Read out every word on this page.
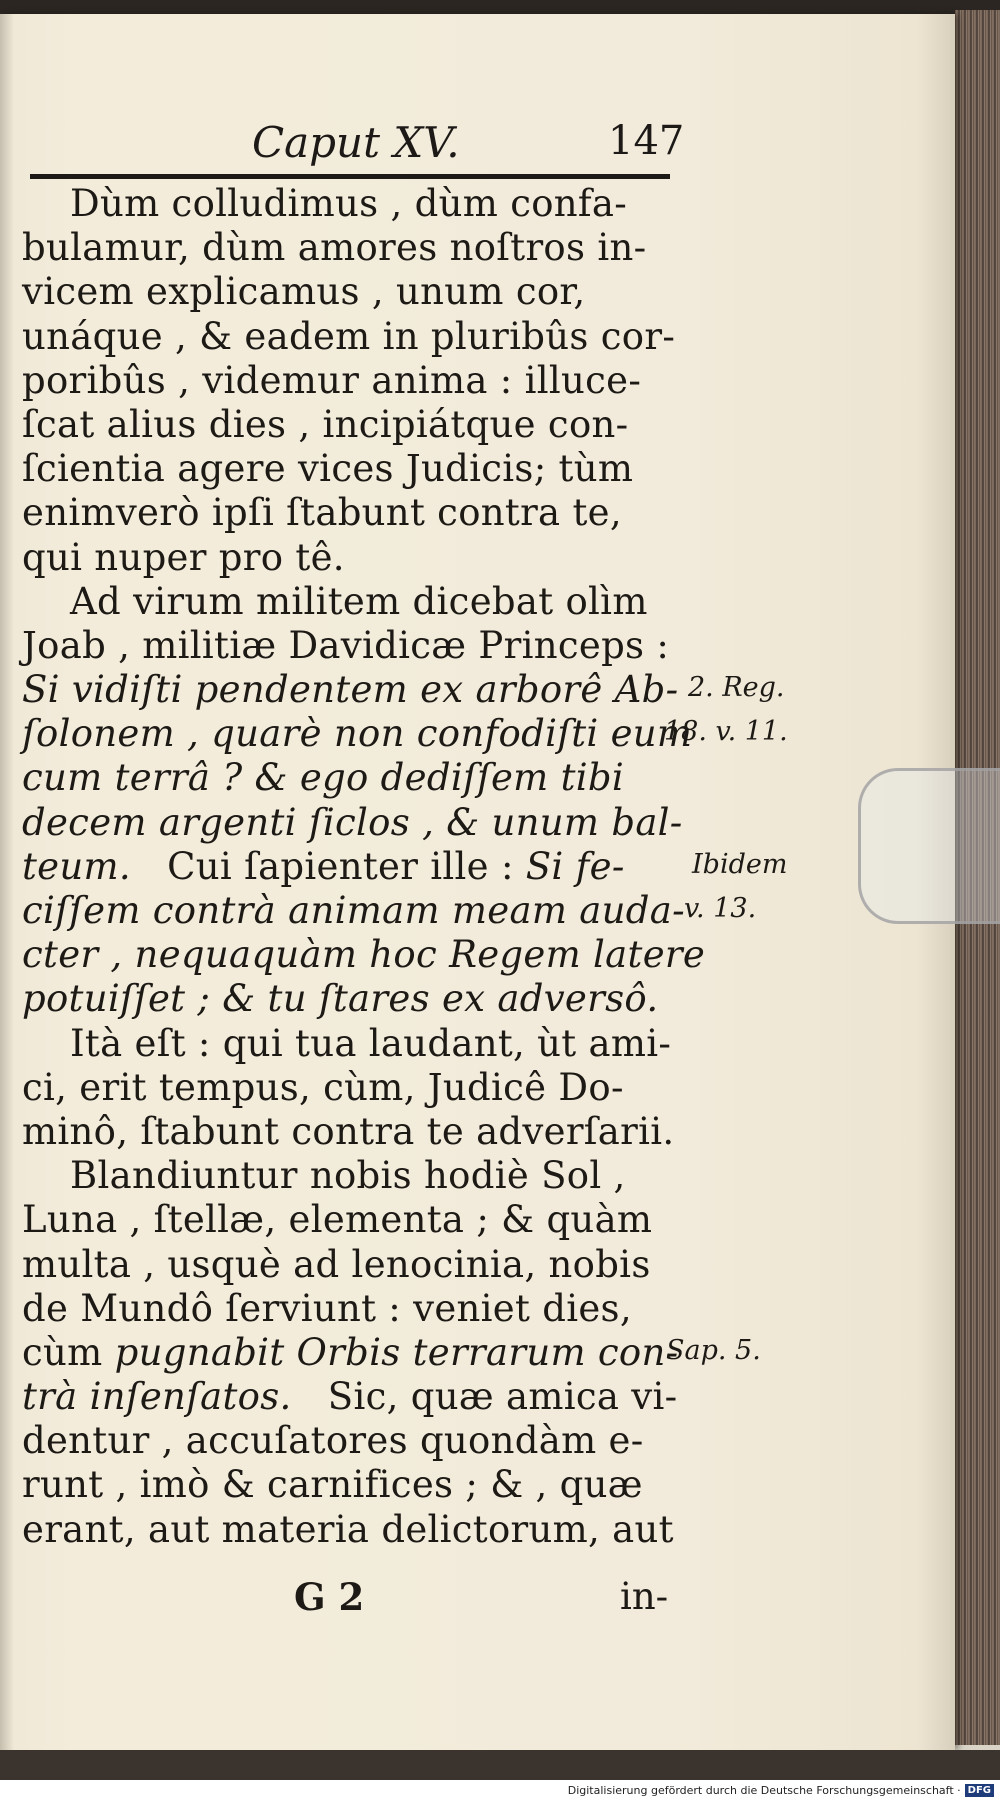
Caput XV.	147
Dùm colludimus , dùm confa-
bulamur, dùm amores noſtros in-
vicem explicamus , unum cor,
unáque , & eadem in pluribûs cor-
poribûs , videmur anima : illuce-
ſcat alius dies , incipiátque con-
ſcientia agere vices Judicis; tùm
enimverò ipſi ſtabunt contra te,
qui nuper pro tê.
Ad virum militem dicebat olìm
Joab , militiæ Davidicæ Princeps :
Si vidiſti pendentem ex arborê Ab-
ſolonem , quarè non confodiſti eum
cum terrâ ? & ego dediſſem tibi
decem argenti ſiclos , & unum bal-
teum. Cui ſapienter ille : Si fe-
ciſſem contrà animam meam auda-
cter , nequaquàm hoc Regem latere
potuiſſet ; & tu ſtares ex adversô.
Ità eſt : qui tua laudant, ùt ami-
ci, erit tempus, cùm, Judicê Do-
minô, ſtabunt contra te adverſarii.
Blandiuntur nobis hodiè Sol ,
Luna , ſtellæ, elementa ; & quàm
multa , usquè ad lenocinia, nobis
de Mundô ſerviunt : veniet dies,
cùm pugnabit Orbis terrarum con-
trà inſenſatos. Sic, quæ amica vi-
dentur , accuſatores quondàm e-
runt , imò & carnifices ; & , quæ
erant, aut materia delictorum, aut
2. Reg.
18. v. 11.
Ibidem
v. 13.
Sap. 5.
G 2	in-
Digitalisierung gefördert durch die Deutsche Forschungsgemeinschaft · DFG
